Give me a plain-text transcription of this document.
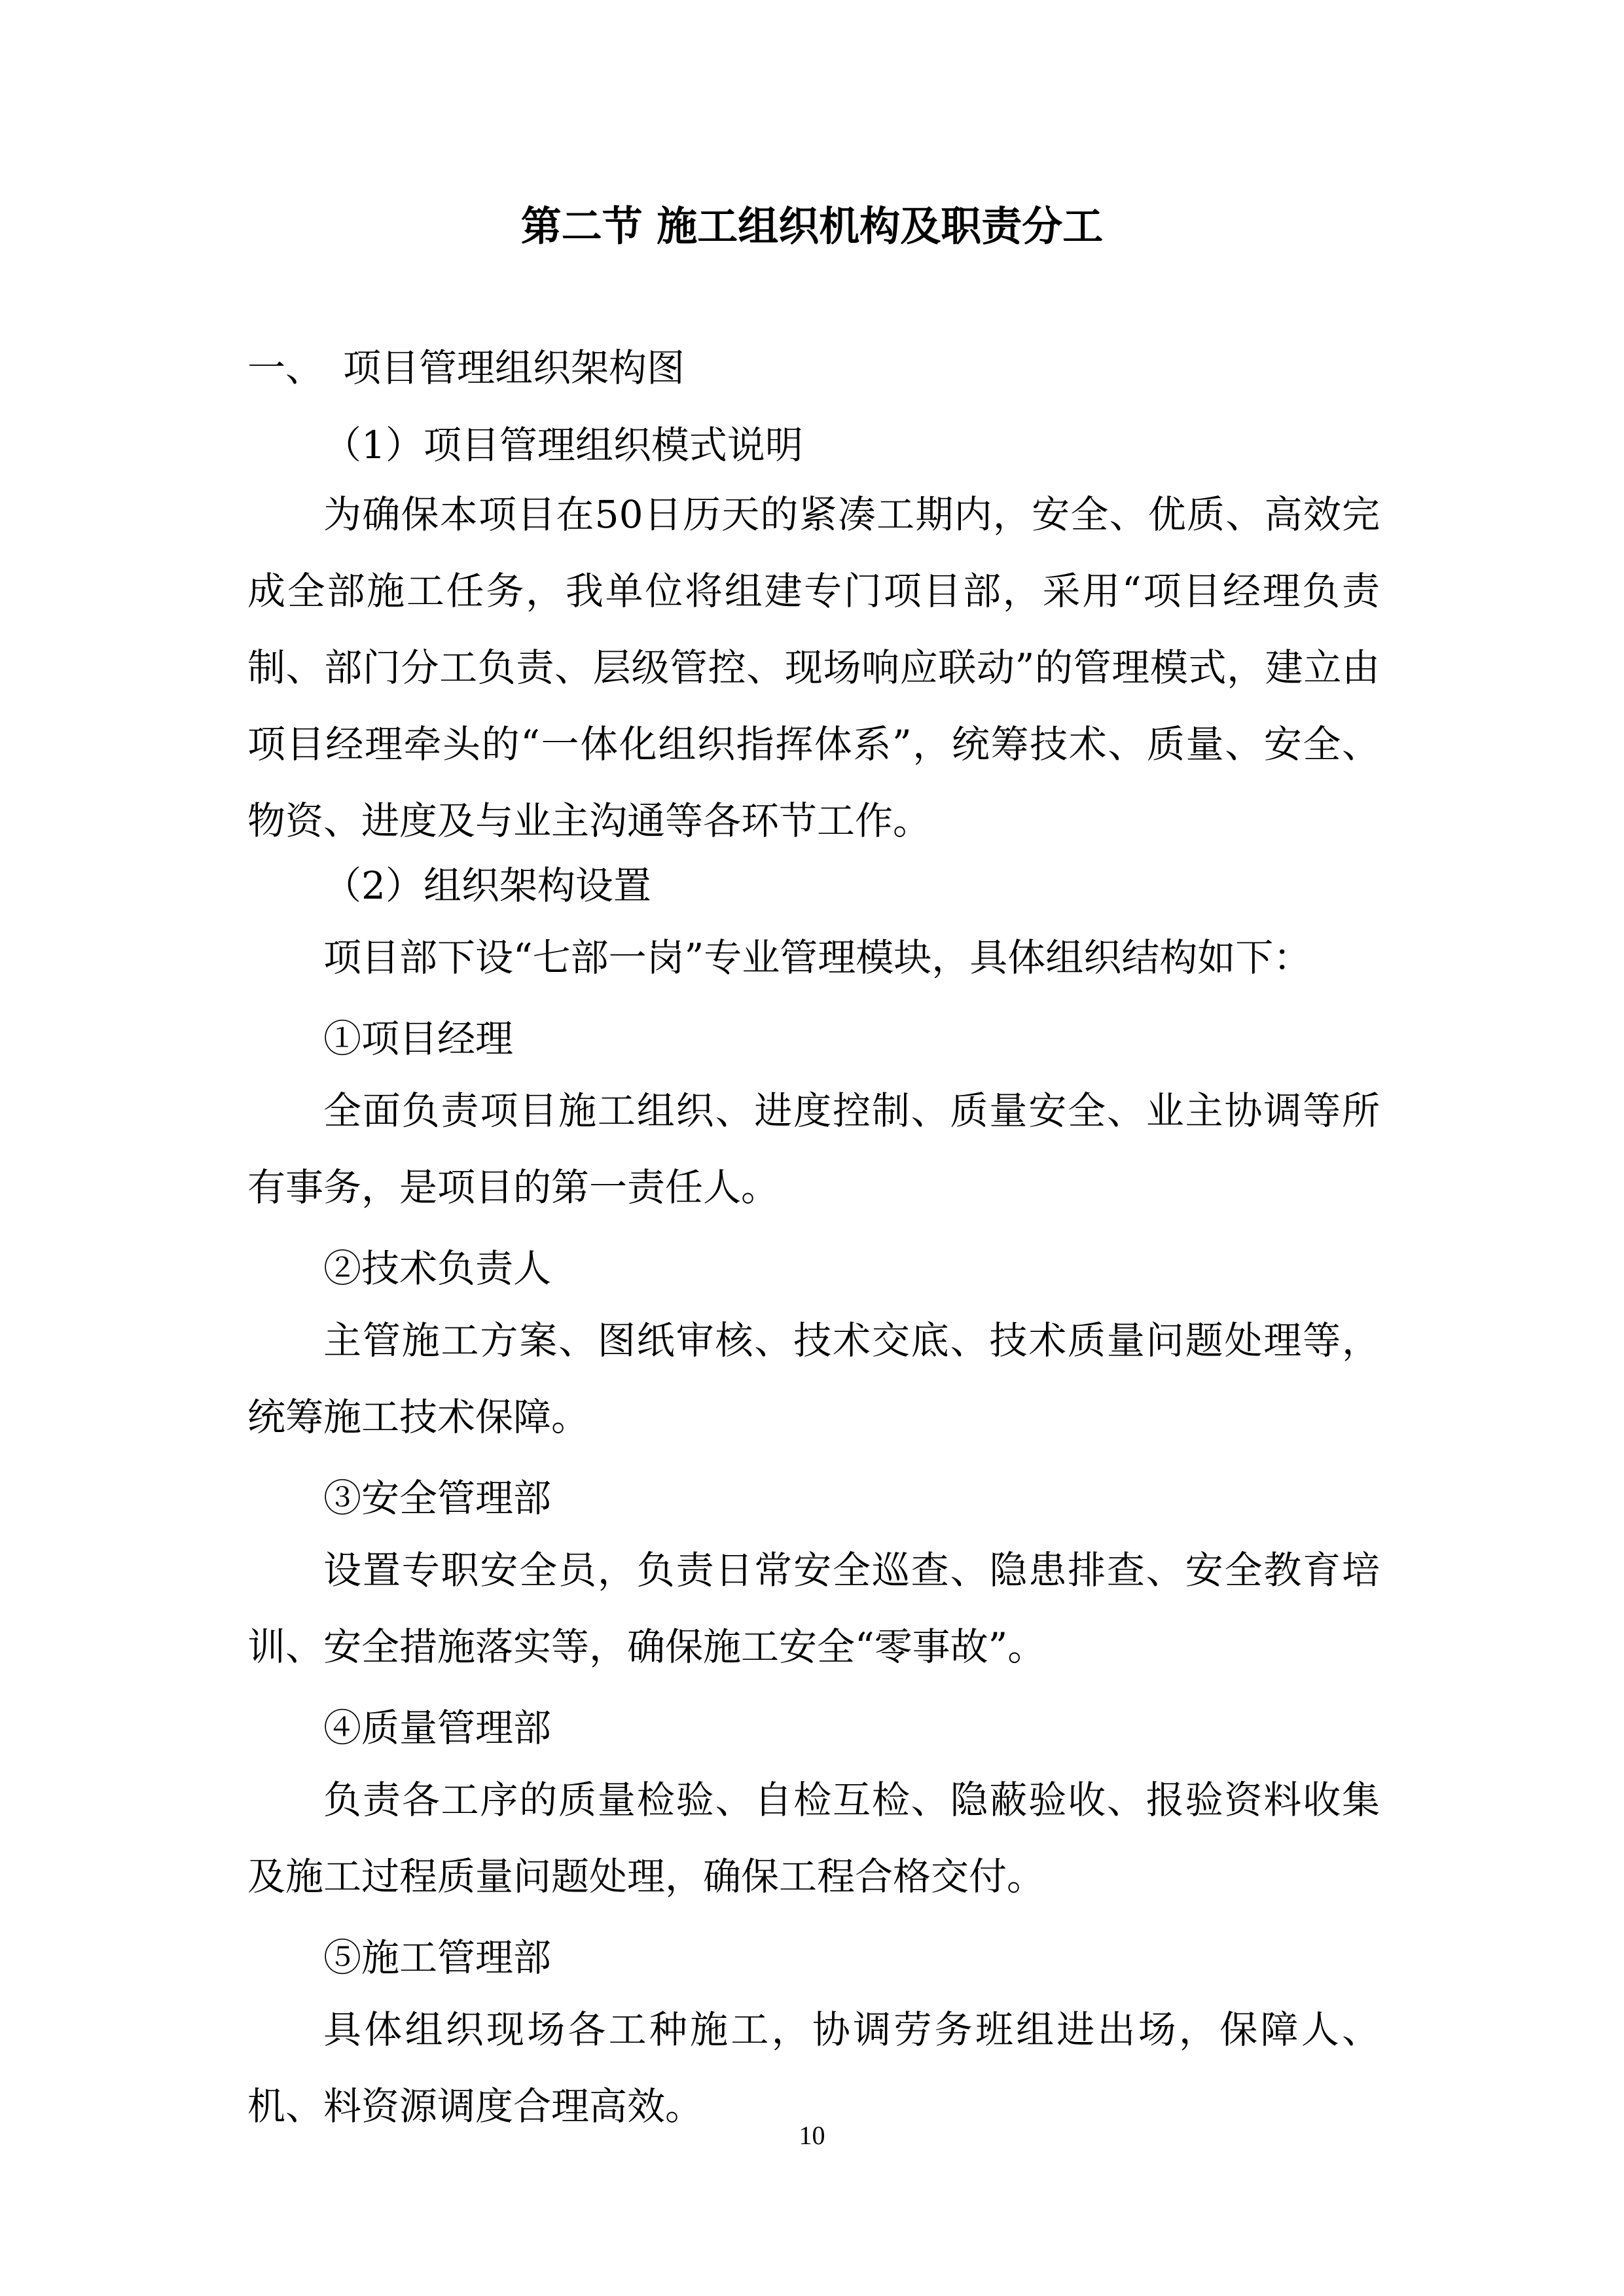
第二节 施工组织机构及职责分工
一、 项目管理组织架构图
（1）项目管理组织模式说明

为确保本项目在50日历天的紧凑工期内，安全、优质、高效完成全部施工任务，我单位将组建专门项目部，采用“项目经理负责制、部门分工负责、层级管控、现场响应联动”的管理模式，建立由项目经理牵头的“一体化组织指挥体系”，统筹技术、质量、安全、物资、进度及与业主沟通等各环节工作。

（2）组织架构设置

项目部下设“七部一岗”专业管理模块，具体组织结构如下：

①项目经理

全面负责项目施工组织、进度控制、质量安全、业主协调等所有事务，是项目的第一责任人。

②技术负责人

主管施工方案、图纸审核、技术交底、技术质量问题处理等，统筹施工技术保障。

③安全管理部

设置专职安全员，负责日常安全巡查、隐患排查、安全教育培训、安全措施落实等，确保施工安全“零事故”。

④质量管理部

负责各工序的质量检验、自检互检、隐蔽验收、报验资料收集及施工过程质量问题处理，确保工程合格交付。

⑤施工管理部

具体组织现场各工种施工，协调劳务班组进出场，保障人、机、料资源调度合理高效。

10
